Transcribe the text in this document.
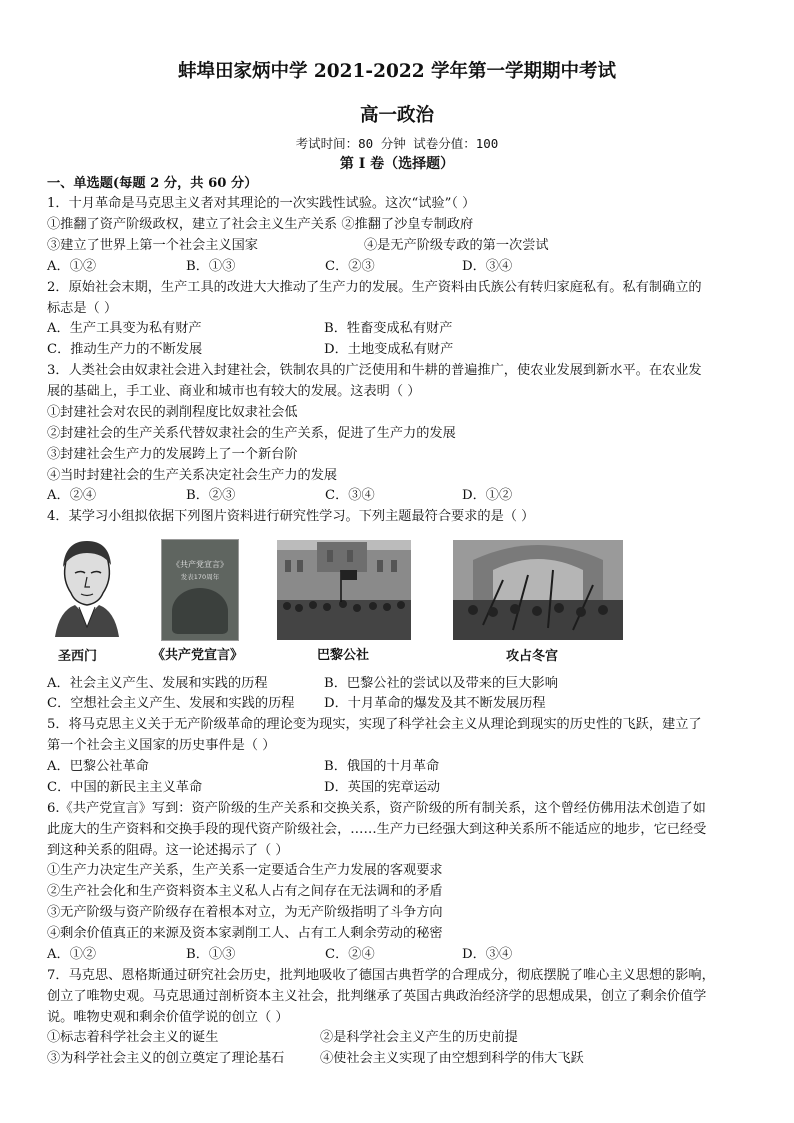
蚌埠田家炳中学 2021-2022 学年第一学期期中考试
高一政治
考试时间：80 分钟 试卷分值：100
第 I 卷（选择题）
一、单选题(每题 2 分，共 60 分）
1．十月革命是马克思主义者对其理论的一次实践性试验。这次“试验”（ ）
①推翻了资产阶级政权，建立了社会主义生产关系 ②推翻了沙皇专制政府
③建立了世界上第一个社会主义国家	④是无产阶级专政的第一次尝试
A．①②	B．①③	C．②③	D．③④
2．原始社会末期，生产工具的改进大大推动了生产力的发展。生产资料由氏族公有转归家庭私有。私有制确立的
标志是（ ）
A．生产工具变为私有财产	B．牲畜变成私有财产
C．推动生产力的不断发展	D．土地变成私有财产
3．人类社会由奴隶社会进入封建社会，铁制农具的广泛使用和牛耕的普遍推广，使农业发展到新水平。在农业发
展的基础上，手工业、商业和城市也有较大的发展。这表明（ ）
①封建社会对农民的剥削程度比奴隶社会低
②封建社会的生产关系代替奴隶社会的生产关系，促进了生产力的发展
③封建社会生产力的发展跨上了一个新台阶
④当时封建社会的生产关系决定社会生产力的发展
A．②④	B．②③	C．③④	D．①②
4．某学习小组拟依据下列图片资料进行研究性学习。下列主题最符合要求的是（ ）
《共产党宣言》
发表170周年
圣西门	《共产党宣言》	巴黎公社	攻占冬宫
A．社会主义产生、发展和实践的历程	B．巴黎公社的尝试以及带来的巨大影响
C．空想社会主义产生、发展和实践的历程 D．十月革命的爆发及其不断发展历程
5．将马克思主义关于无产阶级革命的理论变为现实，实现了科学社会主义从理论到现实的历史性的飞跃，建立了
第一个社会主义国家的历史事件是（ ）
A．巴黎公社革命	B．俄国的十月革命
C．中国的新民主主义革命	D．英国的宪章运动
6.《共产党宣言》写到：资产阶级的生产关系和交换关系，资产阶级的所有制关系，这个曾经仿佛用法术创造了如
此庞大的生产资料和交换手段的现代资产阶级社会，……生产力已经强大到这种关系所不能适应的地步，它已经受
到这种关系的阻碍。这一论述揭示了（ ）
①生产力决定生产关系，生产关系一定要适合生产力发展的客观要求
②生产社会化和生产资料资本主义私人占有之间存在无法调和的矛盾
③无产阶级与资产阶级存在着根本对立，为无产阶级指明了斗争方向
④剩余价值真正的来源及资本家剥削工人、占有工人剩余劳动的秘密
A．①②	B．①③	C．②④	D．③④
7．马克思、恩格斯通过研究社会历史，批判地吸收了德国古典哲学的合理成分，彻底摆脱了唯心主义思想的影响，
创立了唯物史观。马克思通过剖析资本主义社会，批判继承了英国古典政治经济学的思想成果，创立了剩余价值学
说。唯物史观和剩余价值学说的创立（ ）
①标志着科学社会主义的诞生	②是科学社会主义产生的历史前提
③为科学社会主义的创立奠定了理论基石	④使社会主义实现了由空想到科学的伟大飞跃
